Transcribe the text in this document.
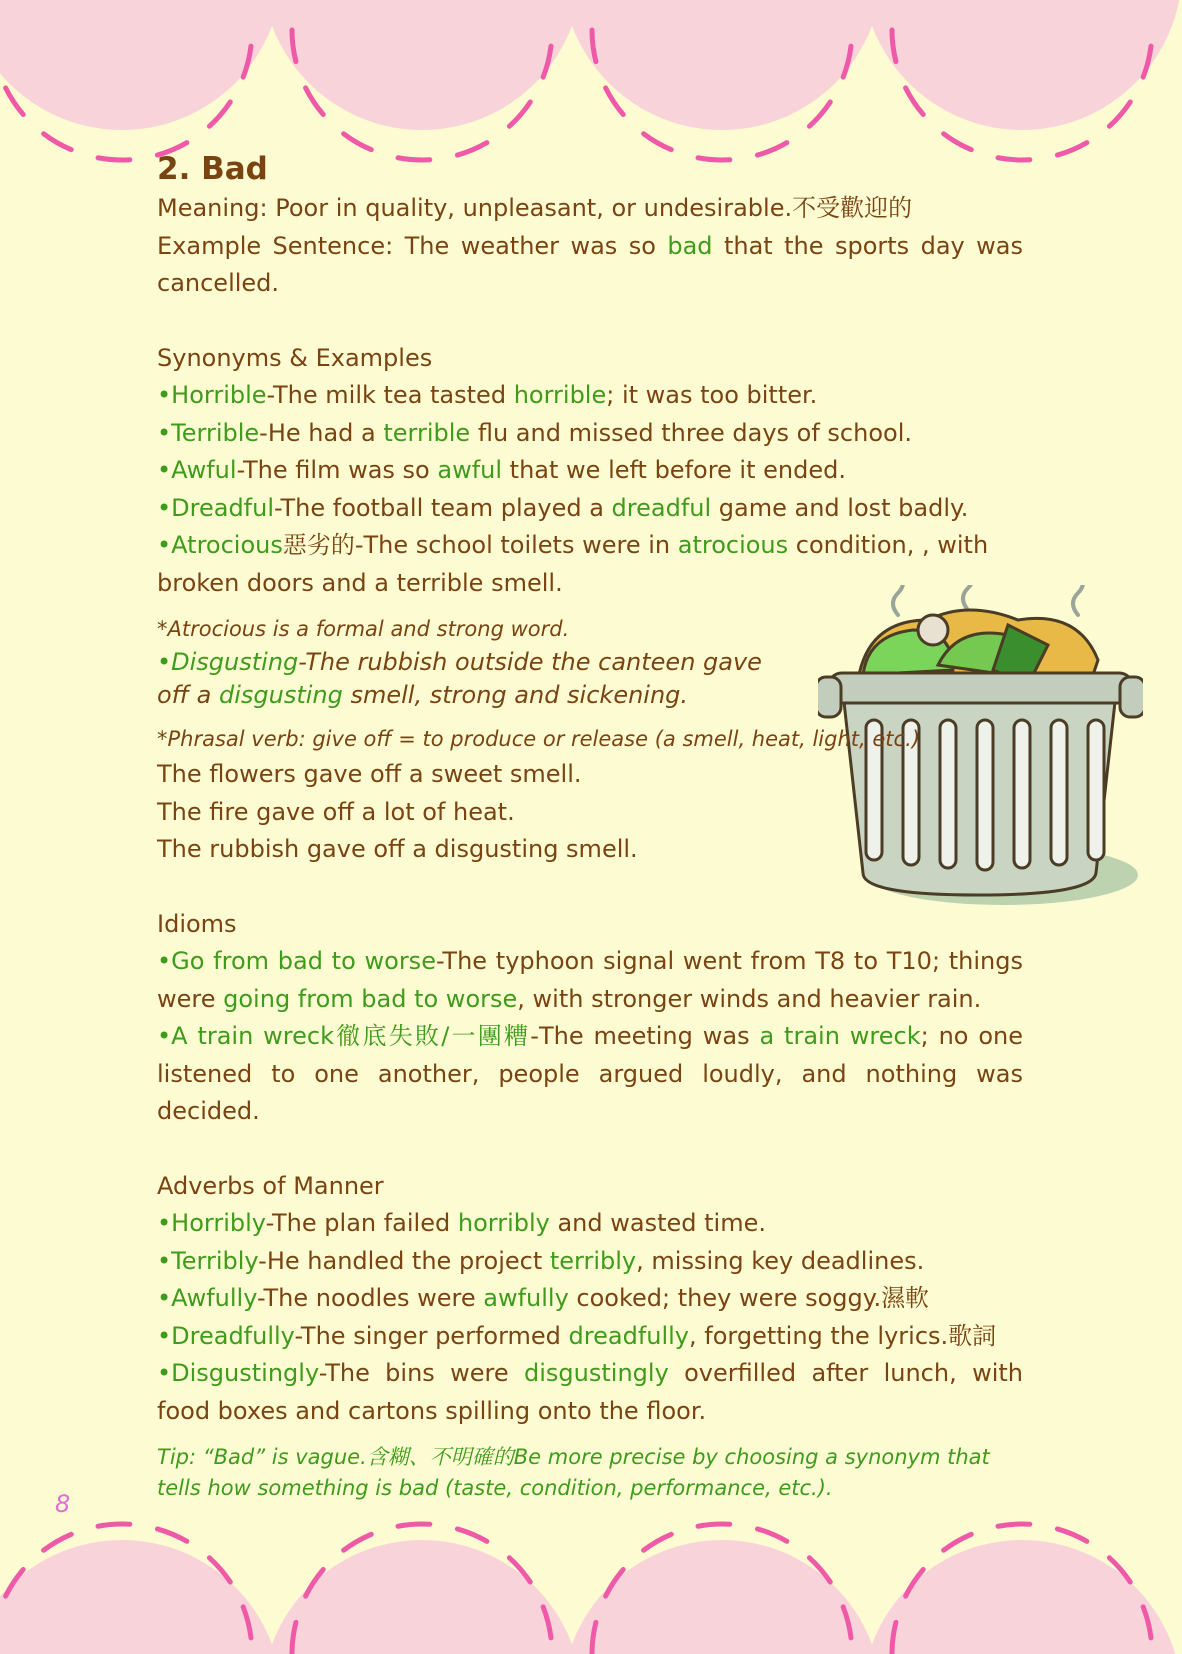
2. Bad

Meaning: Poor in quality, unpleasant, or undesirable.不受歡迎的

Example Sentence: The weather was so bad that the sports day was cancelled.

Synonyms & Examples

•Horrible-The milk tea tasted horrible; it was too bitter.

•Terrible-He had a terrible flu and missed three days of school.

•Awful-The film was so awful that we left before it ended.

•Dreadful-The football team played a dreadful game and lost badly.

•Atrocious惡劣的-The school toilets were in atrocious condition, , with broken doors and a terrible smell.

*Atrocious is a formal and strong word.

•Disgusting-The rubbish outside the canteen gave off a disgusting smell, strong and sickening.

*Phrasal verb: give off = to produce or release (a smell, heat, light, etc.)

The flowers gave off a sweet smell.

The fire gave off a lot of heat.

The rubbish gave off a disgusting smell.

Idioms

•Go from bad to worse-The typhoon signal went from T8 to T10; things were going from bad to worse, with stronger winds and heavier rain.

•A train wreck徹底失敗/一團糟-The meeting was a train wreck; no one listened to one another, people argued loudly, and nothing was decided.

Adverbs of Manner

•Horribly-The plan failed horribly and wasted time.

•Terribly-He handled the project terribly, missing key deadlines.

•Awfully-The noodles were awfully cooked; they were soggy.濕軟

•Dreadfully-The singer performed dreadfully, forgetting the lyrics.歌詞

•Disgustingly-The bins were disgustingly overfilled after lunch, with food boxes and cartons spilling onto the floor.

Tip: “Bad” is vague.含糊、不明確的Be more precise by choosing a synonym that tells how something is bad (taste, condition, performance, etc.).

8
